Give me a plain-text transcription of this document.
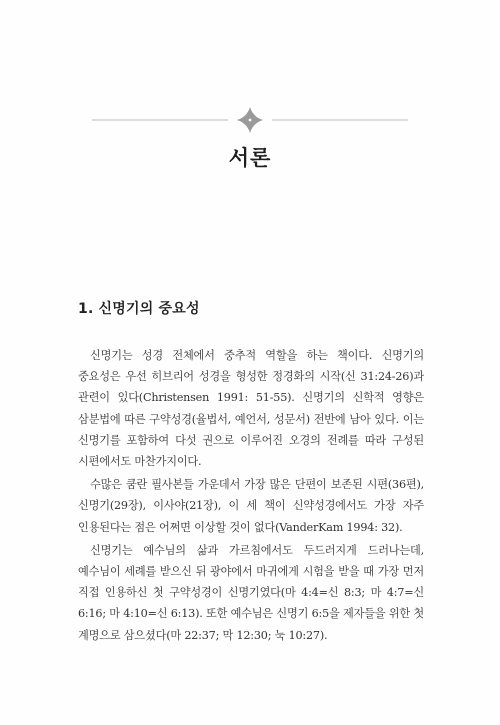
서론
1. 신명기의 중요성

신명기는 성경 전체에서 중추적 역할을 하는 책이다. 신명기의 중요성은 우선 히브리어 성경을 형성한 정경화의 시작(신 31:24-26)과 관련이 있다(Christensen 1991: 51-55). 신명기의 신학적 영향은 삼분법에 따른 구약성경(율법서, 예언서, 성문서) 전반에 남아 있다. 이는 신명기를 포함하여 다섯 권으로 이루어진 오경의 전례를 따라 구성된 시편에서도 마찬가지이다.

수많은 쿰란 필사본들 가운데서 가장 많은 단편이 보존된 시편(36편), 신명기(29장), 이사야(21장), 이 세 책이 신약성경에서도 가장 자주 인용된다는 점은 어쩌면 이상할 것이 없다(VanderKam 1994: 32).

신명기는 예수님의 삶과 가르침에서도 두드러지게 드러나는데, 예수님이 세례를 받으신 뒤 광야에서 마귀에게 시험을 받을 때 가장 먼저 직접 인용하신 첫 구약성경이 신명기였다(마 4:4=신 8:3; 마 4:7=신 6:16; 마 4:10=신 6:13). 또한 예수님은 신명기 6:5을 제자들을 위한 첫 계명으로 삼으셨다(마 22:37; 막 12:30; 눅 10:27).
